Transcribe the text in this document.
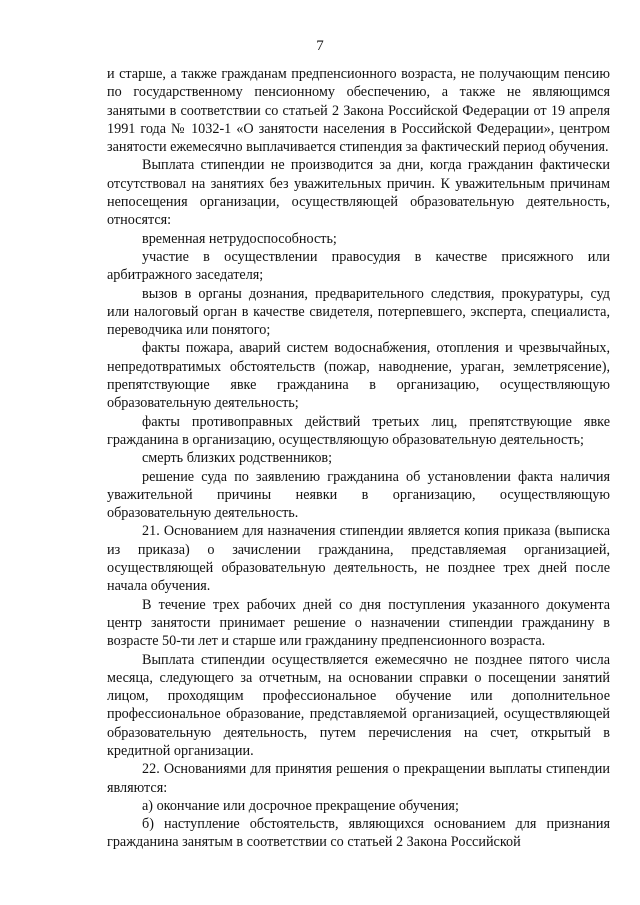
7

и старше, а также гражданам предпенсионного возраста, не получающим пенсию по государственному пенсионному обеспечению, а также не являющимся занятыми в соответствии со статьей 2 Закона Российской Федерации от 19 апреля 1991 года № 1032-1 «О занятости населения в Российской Федерации», центром занятости ежемесячно выплачивается стипендия за фактический период обучения.

Выплата стипендии не производится за дни, когда гражданин фактически отсутствовал на занятиях без уважительных причин. К уважительным причинам непосещения организации, осуществляющей образовательную деятельность, относятся:

временная нетрудоспособность;

участие в осуществлении правосудия в качестве присяжного или арбитражного заседателя;

вызов в органы дознания, предварительного следствия, прокуратуры, суд или налоговый орган в качестве свидетеля, потерпевшего, эксперта, специалиста, переводчика или понятого;

факты пожара, аварий систем водоснабжения, отопления и чрезвычайных, непредотвратимых обстоятельств (пожар, наводнение, ураган, землетрясение), препятствующие явке гражданина в организацию, осуществляющую образовательную деятельность;

факты противоправных действий третьих лиц, препятствующие явке гражданина в организацию, осуществляющую образовательную деятельность;

смерть близких родственников;

решение суда по заявлению гражданина об установлении факта наличия уважительной причины неявки в организацию, осуществляющую образовательную деятельность.

21. Основанием для назначения стипендии является копия приказа (выписка из приказа) о зачислении гражданина, представляемая организацией, осуществляющей образовательную деятельность, не позднее трех дней после начала обучения.

В течение трех рабочих дней со дня поступления указанного документа центр занятости принимает решение о назначении стипендии гражданину в возрасте 50-ти лет и старше или гражданину предпенсионного возраста.

Выплата стипендии осуществляется ежемесячно не позднее пятого числа месяца, следующего за отчетным, на основании справки о посещении занятий лицом, проходящим профессиональное обучение или дополнительное профессиональное образование, представляемой организацией, осуществляющей образовательную деятельность, путем перечисления на счет, открытый в кредитной организации.

22. Основаниями для принятия решения о прекращении выплаты стипендии являются:

а) окончание или досрочное прекращение обучения;

б) наступление обстоятельств, являющихся основанием для признания гражданина занятым в соответствии со статьей 2 Закона Российской
